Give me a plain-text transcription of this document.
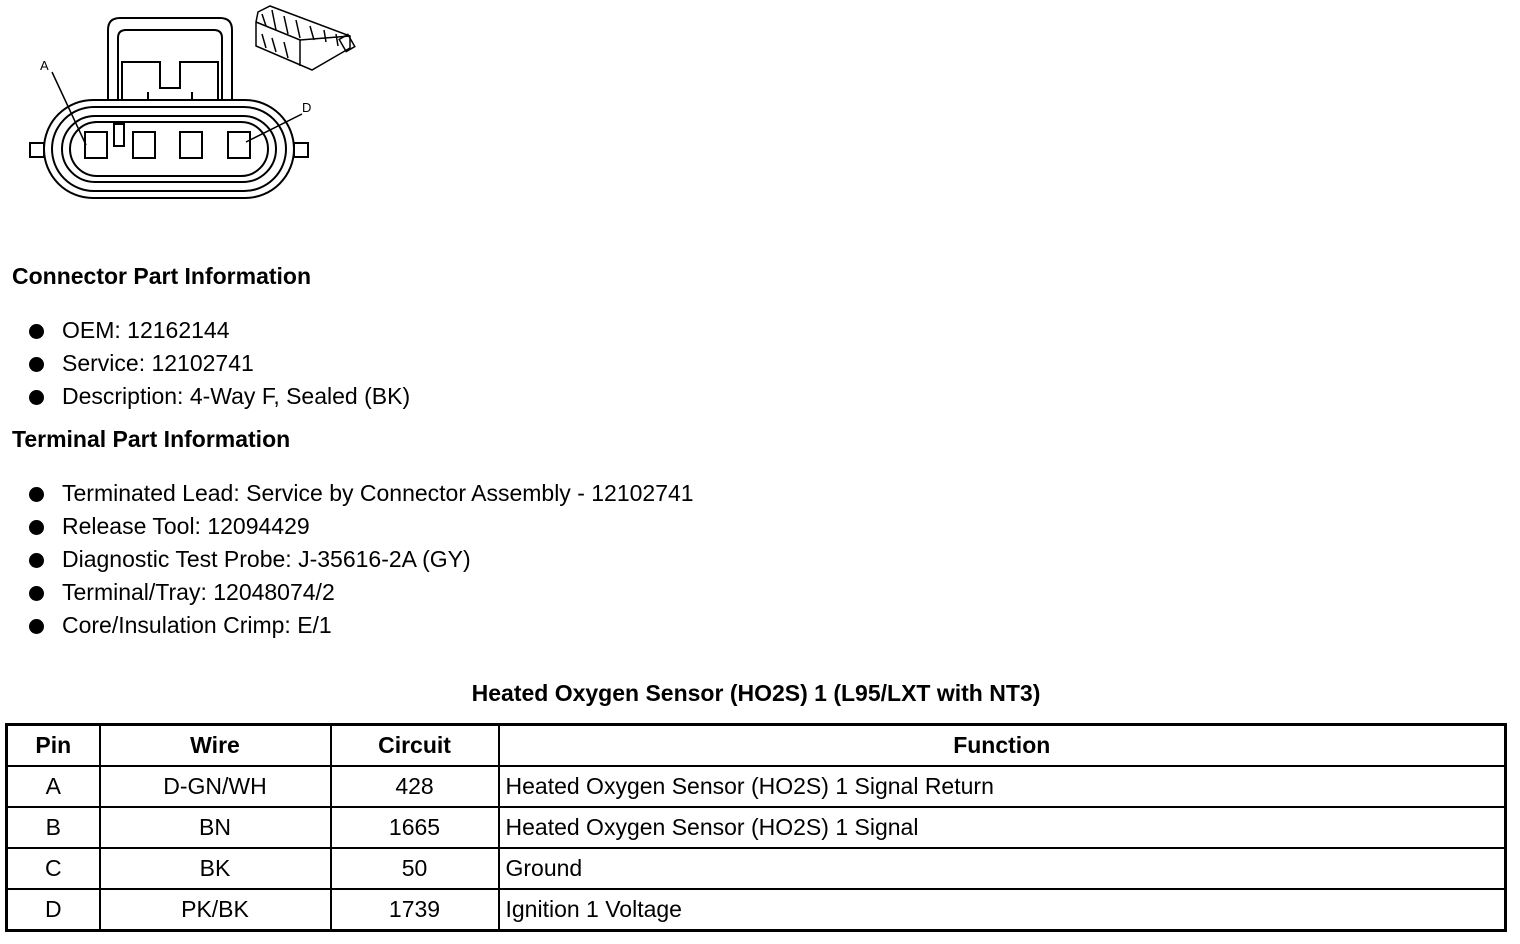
A
D
Connector Part Information
OEM: 12162144
Service: 12102741
Description: 4-Way F, Sealed (BK)
Terminal Part Information
Terminated Lead: Service by Connector Assembly - 12102741
Release Tool: 12094429
Diagnostic Test Probe: J-35616-2A (GY)
Terminal/Tray: 12048074/2
Core/Insulation Crimp: E/1
Heated Oxygen Sensor (HO2S) 1 (L95/LXT with NT3)
Pin	Wire	Circuit	Function
A	D-GN/WH	428	Heated Oxygen Sensor (HO2S) 1 Signal Return
B	BN	1665	Heated Oxygen Sensor (HO2S) 1 Signal
C	BK	50	Ground
D	PK/BK	1739	Ignition 1 Voltage
